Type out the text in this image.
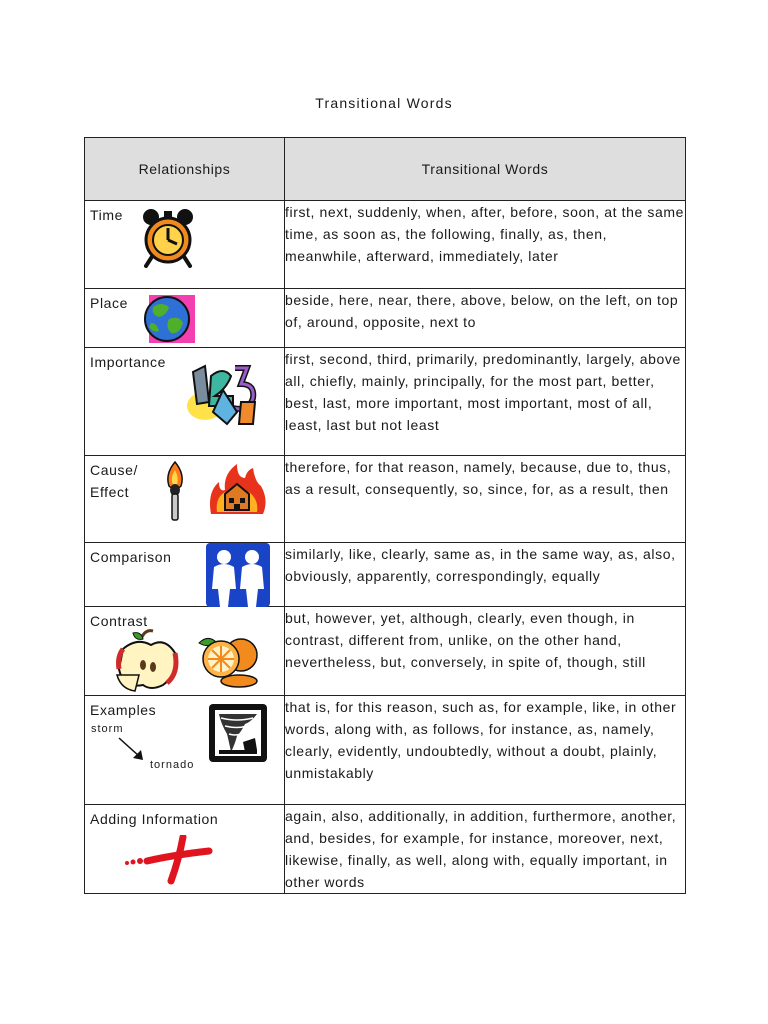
Transitional Words
Relationships	Transitional Words

Time	first, next, suddenly, when, after, before, soon, at the same time, as soon as, the following, finally, as, then, meanwhile, afterward, immediately, later

Place	beside, here, near, there, above, below, on the left, on top of, around, opposite, next to

Importance	first, second, third, primarily, predominantly, largely, above all, chiefly, mainly, principally, for the most part, better, best, last, more important, most important, most of all, least, last but not least

Cause/
Effect	therefore, for that reason, namely, because, due to, thus, as a result, consequently, so, since, for, as a result, then

Comparison	similarly, like, clearly, same as, in the same way, as, also, obviously, apparently, correspondingly, equally

Contrast	but, however, yet, although, clearly, even though, in contrast, different from, unlike, on the other hand, nevertheless, but, conversely, in spite of, though, still

Examples
storm
tornado	that is, for this reason, such as, for example, like, in other words, along with, as follows, for instance, as, namely, clearly, evidently, undoubtedly, without a doubt, plainly, unmistakably

Adding Information	again, also, additionally, in addition, furthermore, another, and, besides, for example, for instance, moreover, next, likewise, finally, as well, along with, equally important, in other words
